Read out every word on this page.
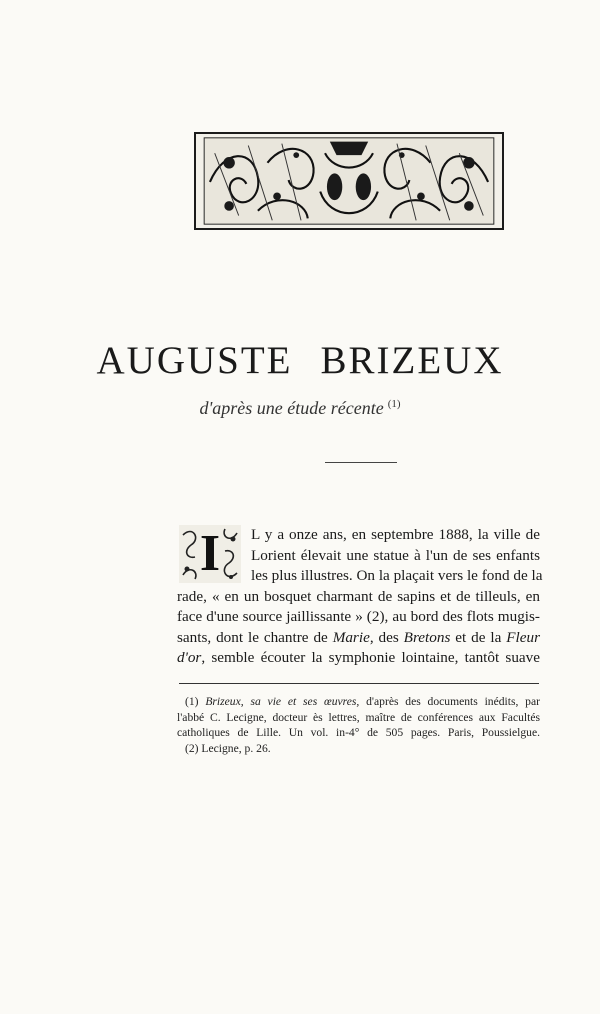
AUGUSTE BRIZEUX
d'après une étude récente $^{(1)}$
I	L y a onze ans, en septembre 1888, la ville de
Lorient élevait une statue à l'un de ses enfants
les plus illustres. On la plaçait vers le fond de la
rade, « en un bosquet charmant de sapins et de tilleuls, en
face d'une source jaillissante » (2), au bord des flots mugis-
sants, dont le chantre de Marie, des Bretons et de la Fleur
d'or, semble écouter la symphonie lointaine, tantôt suave
(1) Brizeux, sa vie et ses œuvres, d'après des documents inédits, par
l'abbé C. Lecigne, docteur ès lettres, maître de conférences aux Facultés
catholiques de Lille. Un vol. in-4° de 505 pages. Paris, Poussielgue.
(2) Lecigne, p. 26.
